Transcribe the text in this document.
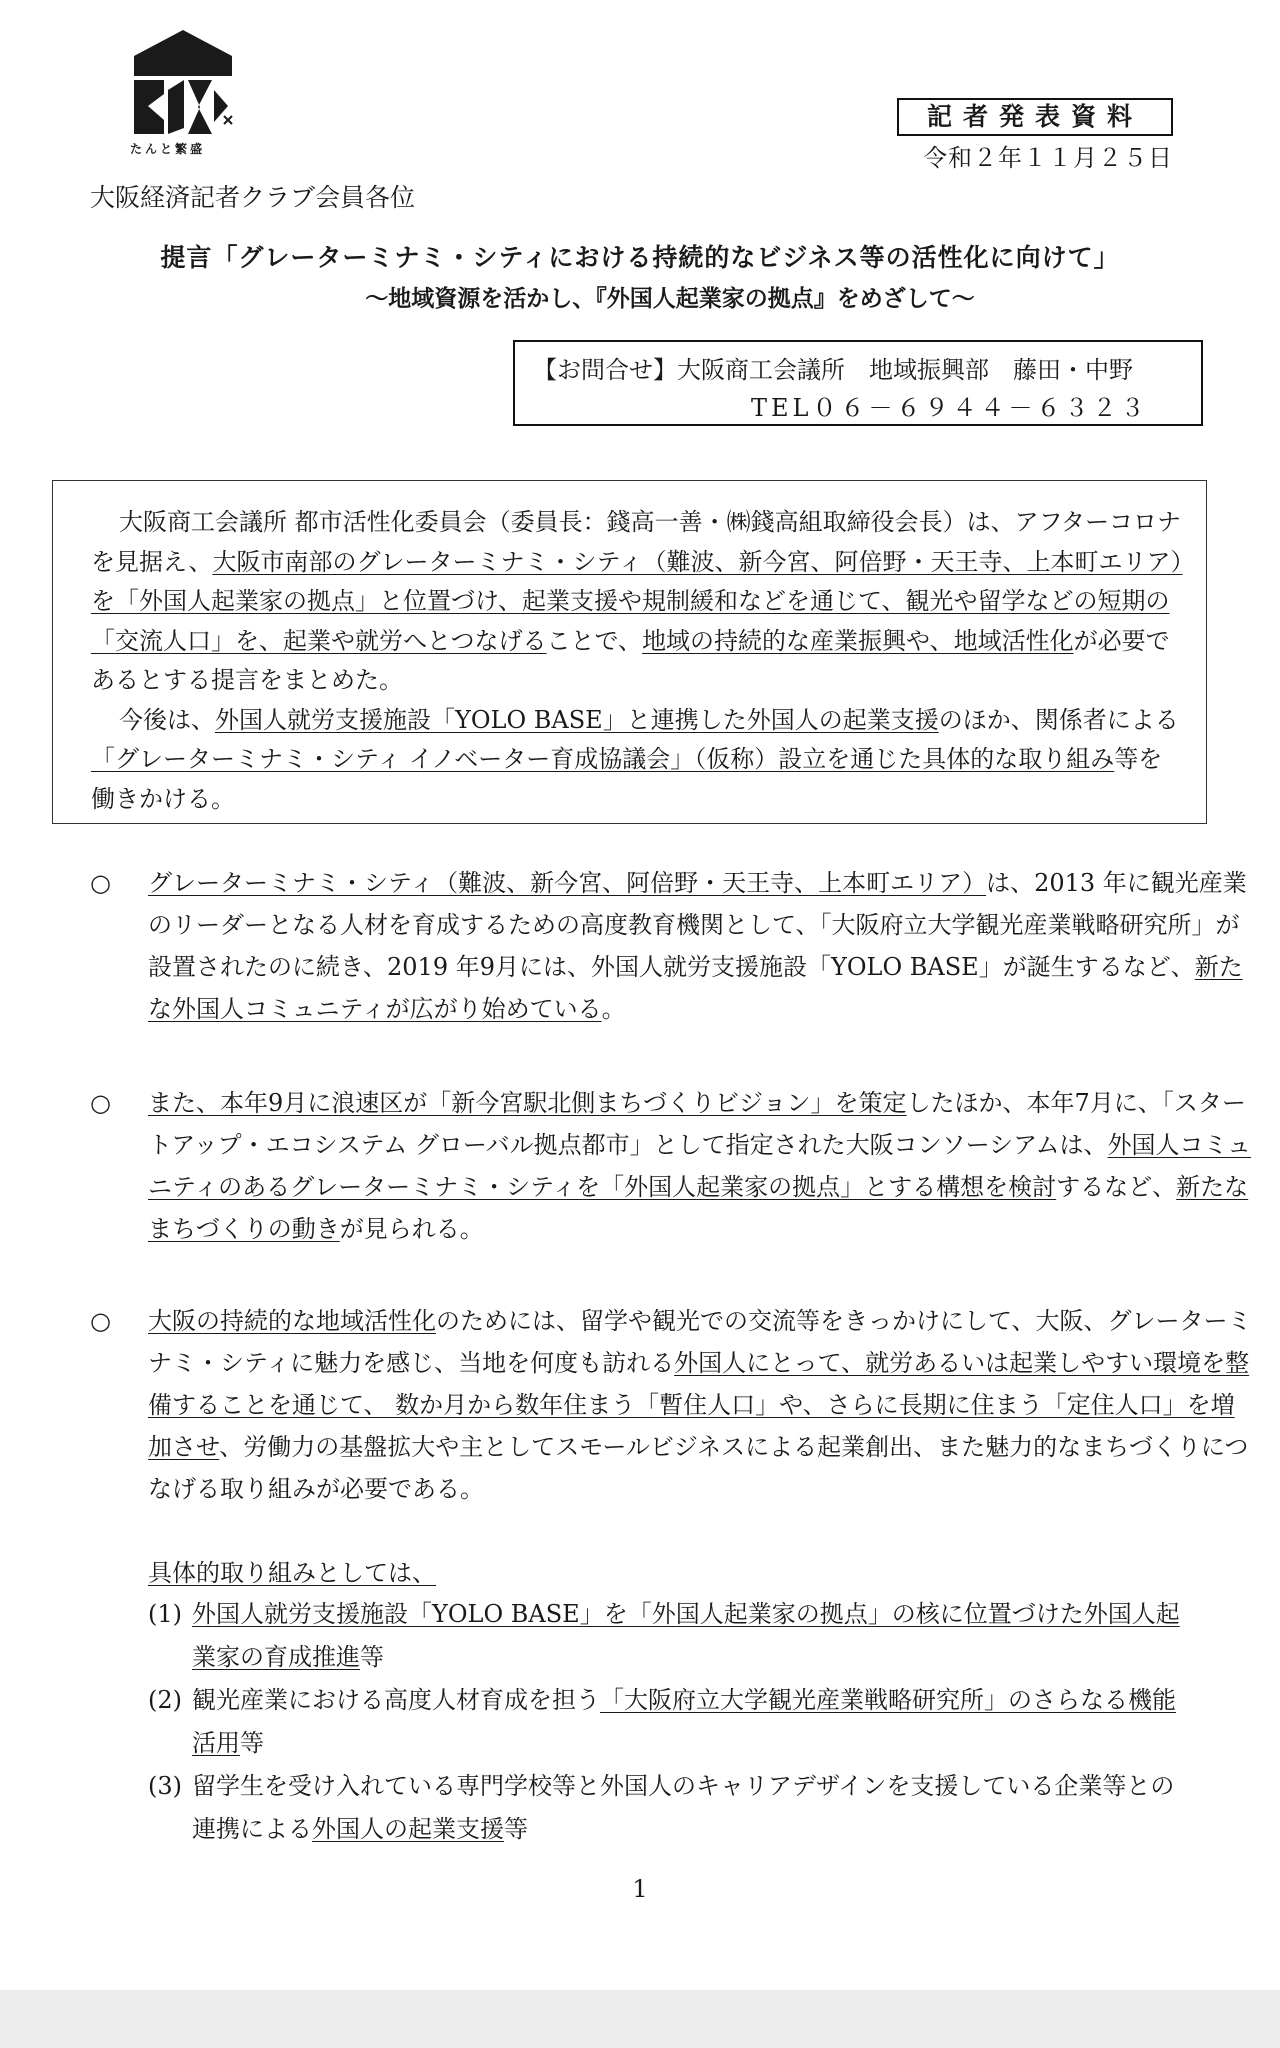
たんと繁盛
記者発表資料
令和２年１１月２５日
大阪経済記者クラブ会員各位
提言「グレーターミナミ・シティにおける持続的なビジネス等の活性化に向けて」
～地域資源を活かし、『外国人起業家の拠点』をめざして～
【お問合せ】大阪商工会議所　地域振興部　藤田・中野
TEL０６－６９４４－６３２３

大阪商工会議所 都市活性化委員会（委員長：錢高一善・㈱錢高組取締役会長）は、アフターコロナを見据え、大阪市南部のグレーターミナミ・シティ（難波、新今宮、阿倍野・天王寺、上本町エリア）を「外国人起業家の拠点」と位置づけ、起業支援や規制緩和などを通じて、観光や留学などの短期の「交流人口」を、起業や就労へとつなげることで、地域の持続的な産業振興や、地域活性化が必要であるとする提言をまとめた。

今後は、外国人就労支援施設「YOLO BASE」と連携した外国人の起業支援のほか、関係者による「グレーターミナミ・シティ イノベーター育成協議会」（仮称）設立を通じた具体的な取り組み等を働きかける。

○ グレーターミナミ・シティ（難波、新今宮、阿倍野・天王寺、上本町エリア）は、2013 年に観光産業のリーダーとなる人材を育成するための高度教育機関として、「大阪府立大学観光産業戦略研究所」が設置されたのに続き、2019 年9月には、外国人就労支援施設「YOLO BASE」が誕生するなど、新たな外国人コミュニティが広がり始めている。
○ また、本年9月に浪速区が「新今宮駅北側まちづくりビジョン」を策定したほか、本年7月に、「スタートアップ・エコシステム グローバル拠点都市」として指定された大阪コンソーシアムは、外国人コミュニティのあるグレーターミナミ・シティを「外国人起業家の拠点」とする構想を検討するなど、新たなまちづくりの動きが見られる。
○ 大阪の持続的な地域活性化のためには、留学や観光での交流等をきっかけにして、大阪、グレーターミナミ・シティに魅力を感じ、当地を何度も訪れる外国人にとって、就労あるいは起業しやすい環境を整備することを通じて、 数か月から数年住まう「暫住人口」や、さらに長期に住まう「定住人口」を増加させ、労働力の基盤拡大や主としてスモールビジネスによる起業創出、また魅力的なまちづくりにつなげる取り組みが必要である。
具体的取り組みとしては、
(1) 外国人就労支援施設「YOLO BASE」を「外国人起業家の拠点」の核に位置づけた外国人起業家の育成推進等
(2) 観光産業における高度人材育成を担う「大阪府立大学観光産業戦略研究所」のさらなる機能活用等
(3) 留学生を受け入れている専門学校等と外国人のキャリアデザインを支援している企業等との連携による外国人の起業支援等
1
